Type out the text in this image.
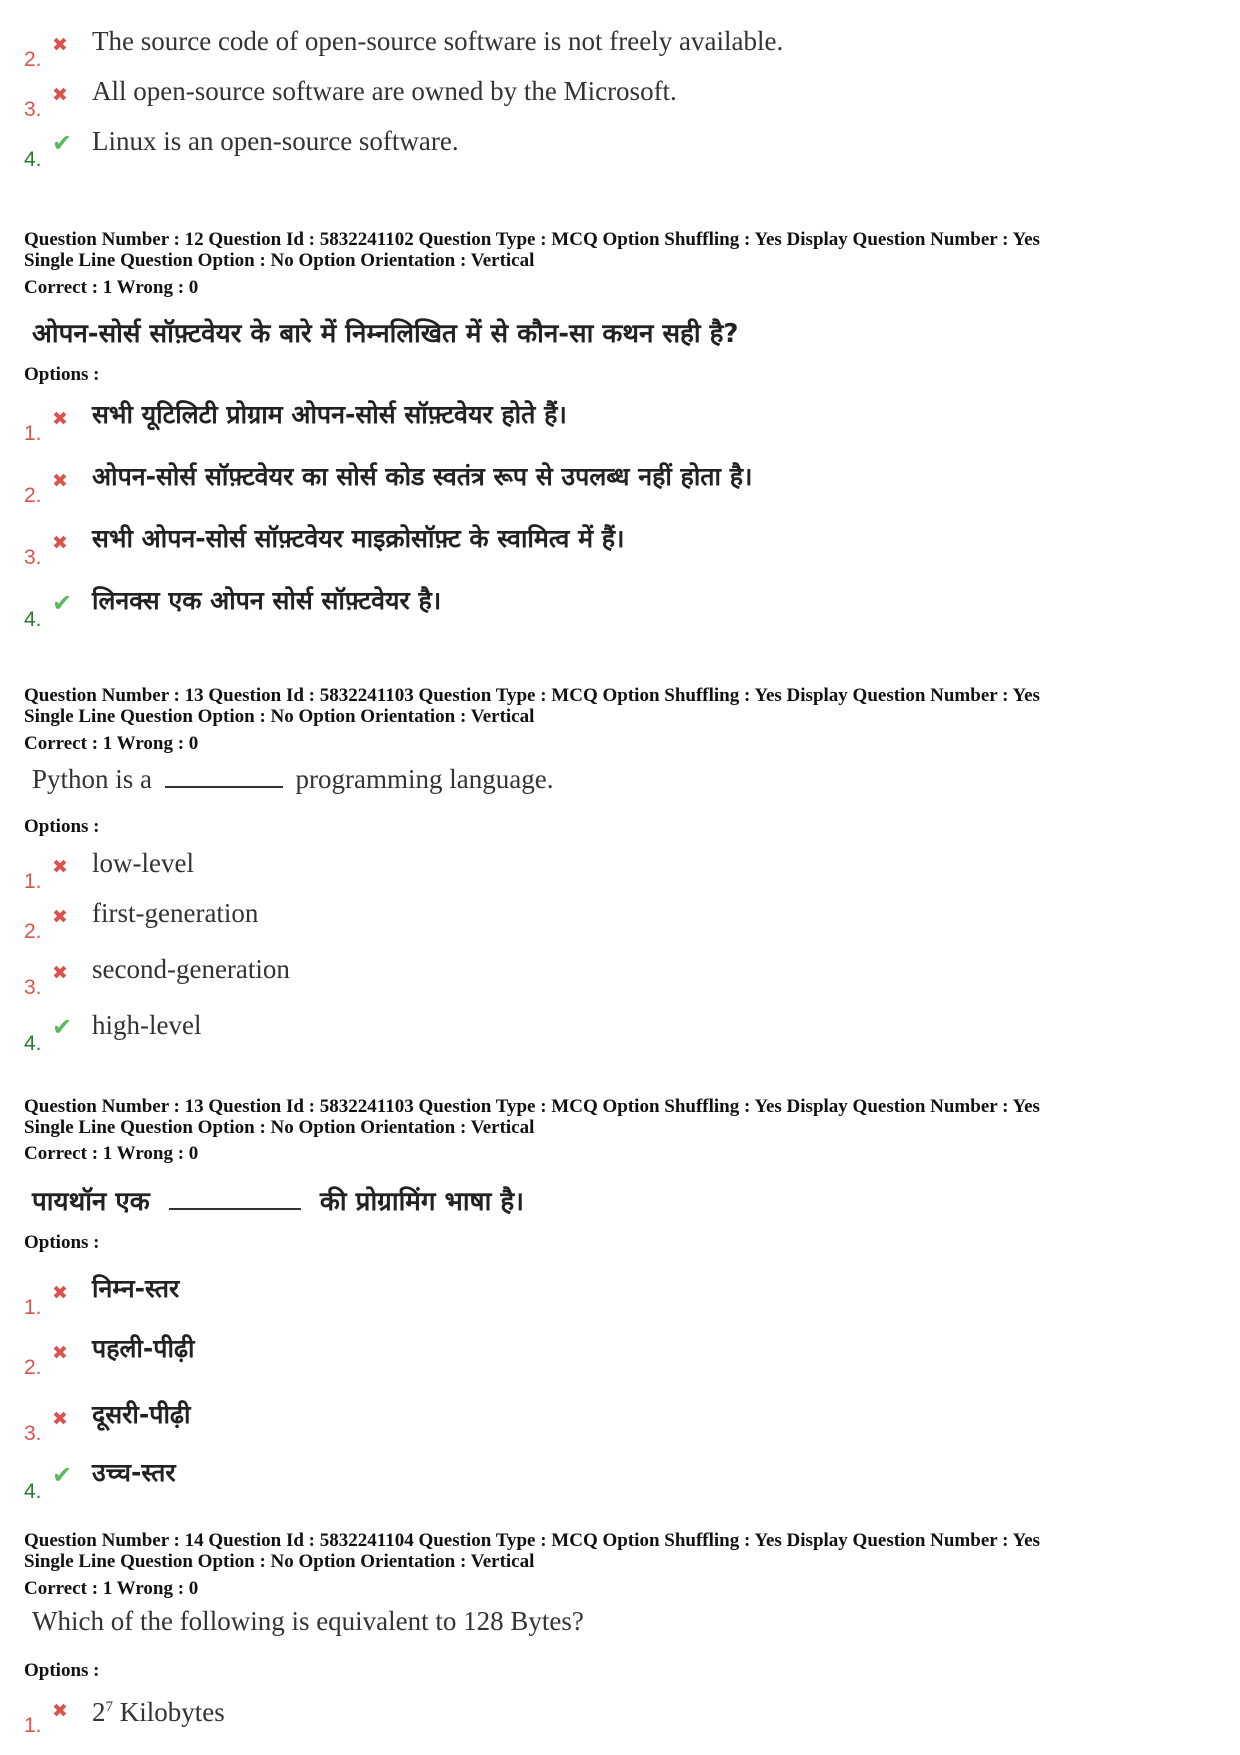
2.
✖ The source code of open-source software is not freely available.
3.
✖ All open-source software are owned by the Microsoft.
4.
✔ Linux is an open-source software.
Question Number : 12 Question Id : 5832241102 Question Type : MCQ Option Shuffling : Yes Display Question Number : Yes
Single Line Question Option : No Option Orientation : Vertical
Correct : 1 Wrong : 0
ओपन-सोर्स सॉफ़्टवेयर के बारे में निम्नलिखित में से कौन-सा कथन सही है?
Options :
1.
✖ सभी यूटिलिटी प्रोग्राम ओपन-सोर्स सॉफ़्टवेयर होते हैं।
2.
✖ ओपन-सोर्स सॉफ़्टवेयर का सोर्स कोड स्वतंत्र रूप से उपलब्ध नहीं होता है।
3.
✖ सभी ओपन-सोर्स सॉफ़्टवेयर माइक्रोसॉफ़्ट के स्वामित्व में हैं।
4.
✔ लिनक्स एक ओपन सोर्स सॉफ़्टवेयर है।
Question Number : 13 Question Id : 5832241103 Question Type : MCQ Option Shuffling : Yes Display Question Number : Yes
Single Line Question Option : No Option Orientation : Vertical
Correct : 1 Wrong : 0
Python is a	programming language.
Options :
1.
✖ low-level
2.
✖ first-generation
3.
✖ second-generation
4.
✔ high-level
Question Number : 13 Question Id : 5832241103 Question Type : MCQ Option Shuffling : Yes Display Question Number : Yes
Single Line Question Option : No Option Orientation : Vertical
Correct : 1 Wrong : 0
पायथॉन एक	की प्रोग्रामिंग भाषा है।
Options :
1.
✖ निम्न-स्तर
2.
✖ पहली-पीढ़ी
3.
✖ दूसरी-पीढ़ी
4.
✔ उच्च-स्तर
Question Number : 14 Question Id : 5832241104 Question Type : MCQ Option Shuffling : Yes Display Question Number : Yes
Single Line Question Option : No Option Orientation : Vertical
Correct : 1 Wrong : 0
Which of the following is equivalent to 128 Bytes?
Options :
1.
✖ $2^7$ Kilobytes
